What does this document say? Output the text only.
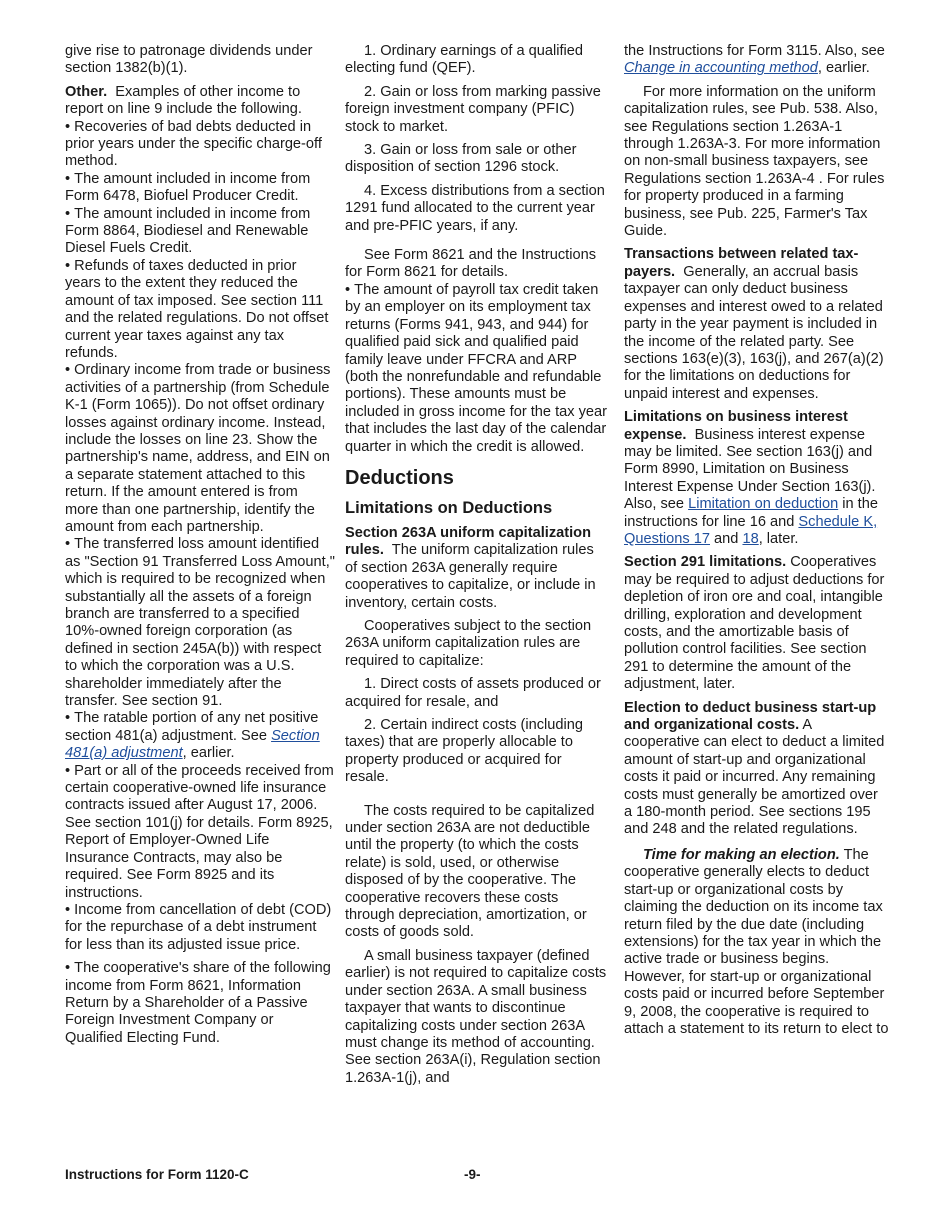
give rise to patronage dividends under section 1382(b)(1).

Other. Examples of other income to report on line 9 include the following.

• Recoveries of bad debts deducted in prior years under the specific charge-off method.

• The amount included in income from Form 6478, Biofuel Producer Credit.

• The amount included in income from Form 8864, Biodiesel and Renewable Diesel Fuels Credit.

• Refunds of taxes deducted in prior years to the extent they reduced the amount of tax imposed. See section 111 and the related regulations. Do not offset current year taxes against any tax refunds.

• Ordinary income from trade or business activities of a partnership (from Schedule K-1 (Form 1065)). Do not offset ordinary losses against ordinary income. Instead, include the losses on line 23. Show the partnership's name, address, and EIN on a separate statement attached to this return. If the amount entered is from more than one partnership, identify the amount from each partnership.

• The transferred loss amount identified as "Section 91 Transferred Loss Amount," which is required to be recognized when substantially all the assets of a foreign branch are transferred to a specified 10%-owned foreign corporation (as defined in section 245A(b)) with respect to which the corporation was a U.S. shareholder immediately after the transfer. See section 91.

• The ratable portion of any net positive section 481(a) adjustment. See Section 481(a) adjustment, earlier.

• Part or all of the proceeds received from certain cooperative-owned life insurance contracts issued after August 17, 2006. See section 101(j) for details. Form 8925, Report of Employer-Owned Life Insurance Contracts, may also be required. See Form 8925 and its instructions.

• Income from cancellation of debt (COD) for the repurchase of a debt instrument for less than its adjusted issue price.

• The cooperative's share of the following income from Form 8621, Information Return by a Shareholder of a Passive Foreign Investment Company or Qualified Electing Fund.

1. Ordinary earnings of a qualified electing fund (QEF).

2. Gain or loss from marking passive foreign investment company (PFIC) stock to market.

3. Gain or loss from sale or other disposition of section 1296 stock.

4. Excess distributions from a section 1291 fund allocated to the current year and pre-PFIC years, if any.

See Form 8621 and the Instructions for Form 8621 for details.

• The amount of payroll tax credit taken by an employer on its employment tax returns (Forms 941, 943, and 944) for qualified paid sick and qualified paid family leave under FFCRA and ARP (both the nonrefundable and refundable portions). These amounts must be included in gross income for the tax year that includes the last day of the calendar quarter in which the credit is allowed.

Deductions
Limitations on Deductions

Section 263A uniform capitalization rules. The uniform capitalization rules of section 263A generally require cooperatives to capitalize, or include in inventory, certain costs.

Cooperatives subject to the section 263A uniform capitalization rules are required to capitalize:

1. Direct costs of assets produced or acquired for resale, and

2. Certain indirect costs (including taxes) that are properly allocable to property produced or acquired for resale.

The costs required to be capitalized under section 263A are not deductible until the property (to which the costs relate) is sold, used, or otherwise disposed of by the cooperative. The cooperative recovers these costs through depreciation, amortization, or costs of goods sold.

A small business taxpayer (defined earlier) is not required to capitalize costs under section 263A. A small business taxpayer that wants to discontinue capitalizing costs under section 263A must change its method of accounting. See section 263A(i), Regulation section 1.263A-1(j), and

the Instructions for Form 3115. Also, see Change in accounting method, earlier.

For more information on the uniform capitalization rules, see Pub. 538. Also, see Regulations section 1.263A-1 through 1.263A-3. For more information on non-small business taxpayers, see Regulations section 1.263A-4 . For rules for property produced in a farming business, see Pub. 225, Farmer's Tax Guide.

Transactions between related tax-payers. Generally, an accrual basis taxpayer can only deduct business expenses and interest owed to a related party in the year payment is included in the income of the related party. See sections 163(e)(3), 163(j), and 267(a)(2) for the limitations on deductions for unpaid interest and expenses.

Limitations on business interest expense. Business interest expense may be limited. See section 163(j) and Form 8990, Limitation on Business Interest Expense Under Section 163(j). Also, see Limitation on deduction in the instructions for line 16 and Schedule K, Questions 17 and 18, later.

Section 291 limitations. Cooperatives may be required to adjust deductions for depletion of iron ore and coal, intangible drilling, exploration and development costs, and the amortizable basis of pollution control facilities. See section 291 to determine the amount of the adjustment, later.

Election to deduct business start-up and organizational costs. A cooperative can elect to deduct a limited amount of start-up and organizational costs it paid or incurred. Any remaining costs must generally be amortized over a 180-month period. See sections 195 and 248 and the related regulations.

Time for making an election. The cooperative generally elects to deduct start-up or organizational costs by claiming the deduction on its income tax return filed by the due date (including extensions) for the tax year in which the active trade or business begins. However, for start-up or organizational costs paid or incurred before September 9, 2008, the cooperative is required to attach a statement to its return to elect to

Instructions for Form 1120-C	-9-
